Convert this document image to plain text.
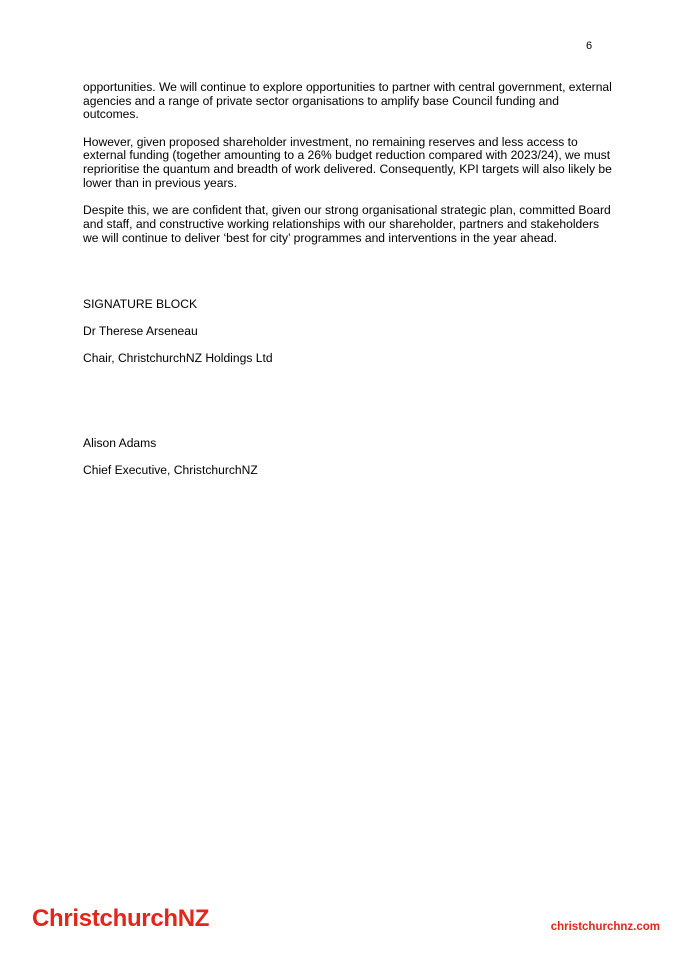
6

opportunities. We will continue to explore opportunities to partner with central government, external agencies and a range of private sector organisations to amplify base Council funding and outcomes.

However, given proposed shareholder investment, no remaining reserves and less access to external funding (together amounting to a 26% budget reduction compared with 2023/24), we must reprioritise the quantum and breadth of work delivered. Consequently, KPI targets will also likely be lower than in previous years.

Despite this, we are confident that, given our strong organisational strategic plan, committed Board and staff, and constructive working relationships with our shareholder, partners and stakeholders we will continue to deliver ‘best for city’ programmes and interventions in the year ahead.

SIGNATURE BLOCK

Dr Therese Arseneau

Chair, ChristchurchNZ Holdings Ltd

Alison Adams

Chief Executive, ChristchurchNZ

ChristchurchNZ	christchurchnz.com
